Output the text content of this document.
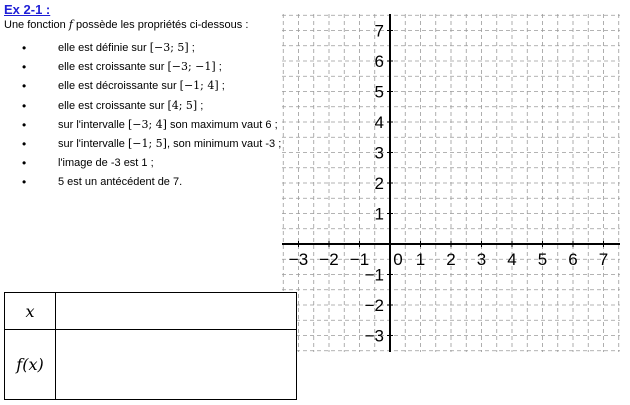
Ex 2-1 :
Une fonction f possède les propriétés ci-dessous :
• elle est définie sur [−3; 5] ;
• elle est croissante sur [−3; −1] ;
• elle est décroissante sur [−1; 4] ;
• elle est croissante sur [4; 5] ;
• sur l'intervalle [−3; 4] son maximum vaut 6 ;
• sur l'intervalle [−1; 5], son minimum vaut -3 ;
• l'image de -3 est 1 ;
• 5 est un antécédent de 7.
−3 −2 −1 0 1 2 3 4 5 6 7
−3
−2
−1
1
2
3
4
5
6
7
x	
f(x)	
